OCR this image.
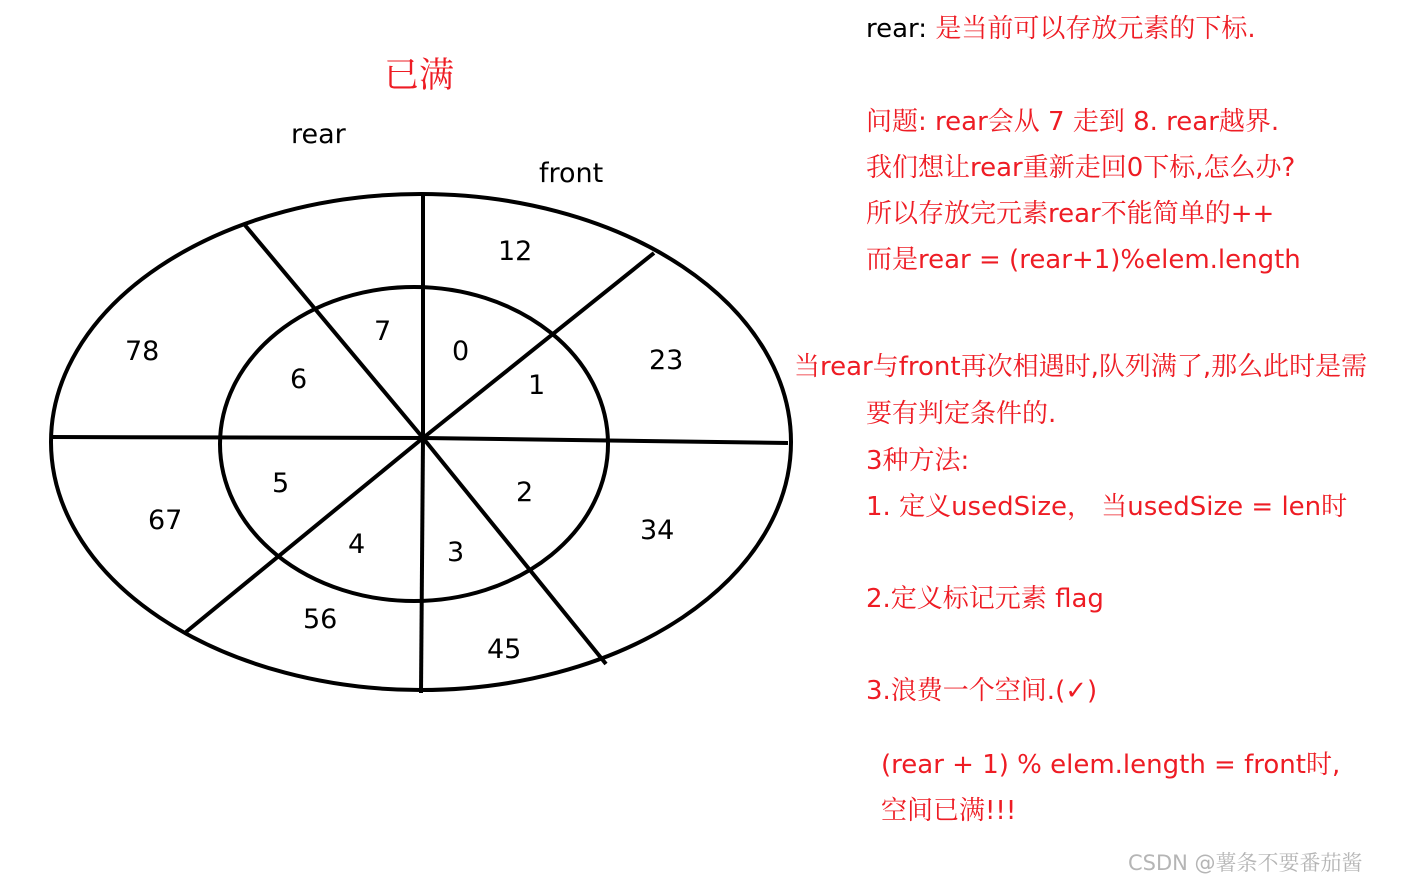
已满
rear
front
12
23
34
45
56
67
78	0
1
2
3
4
5
6
7
rear: 是当前可以存放元素的下标.
问题: rear会从 7 走到 8. rear越界.
我们想让rear重新走回0下标,怎么办?
所以存放完元素rear不能简单的++
而是rear = (rear+1)%elem.length
当rear与front再次相遇时,队列满了,那么此时是需
要有判定条件的.
3种方法:
1. 定义usedSize， 当usedSize = len时
2.定义标记元素 flag
3.浪费一个空间.(✓)
(rear + 1) % elem.length = front时,
空间已满!!!
CSDN @薯条不要番茄酱
